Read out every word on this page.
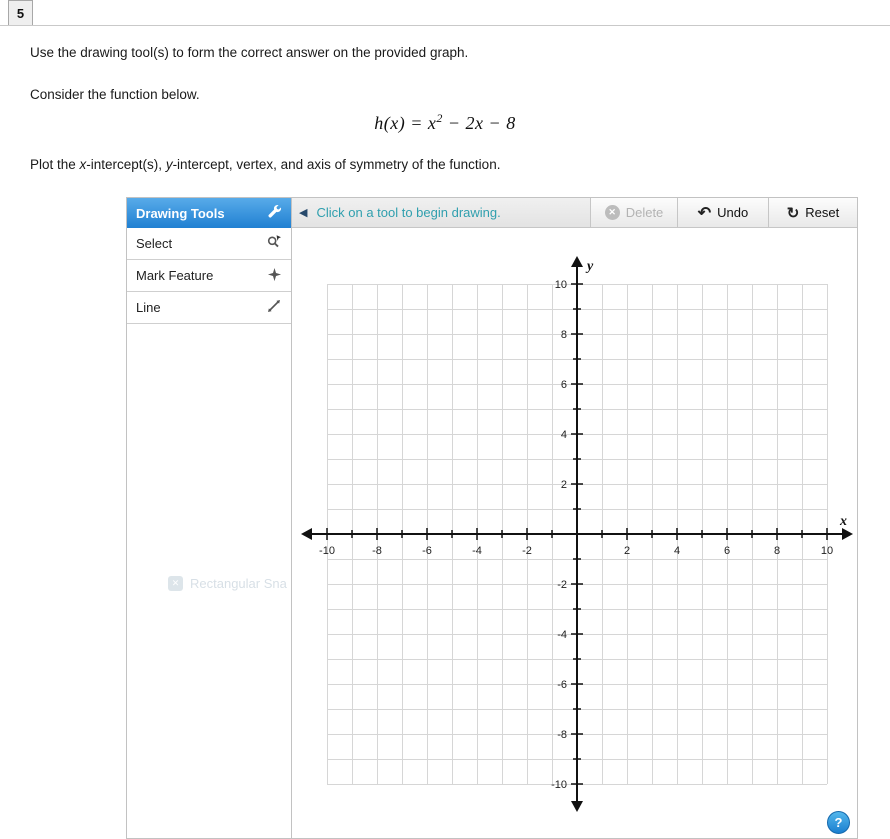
5
Use the drawing tool(s) to form the correct answer on the provided graph.
Consider the function below.
$h(x) = x^2 - 2x - 8$
Plot the x-intercept(s), y-intercept, vertex, and axis of symmetry of the function.
Drawing Tools
Select
Mark Feature
Line
◀
Click on a tool to begin drawing. ✕	Delete ↶	Undo ↻	Reset
-10	-8	-6	-4	-2	2	4	6	8	10
-10
-8
-6
-4
-2
2
4
6
8
10
x
y
✕
Rectangular Sna
?
